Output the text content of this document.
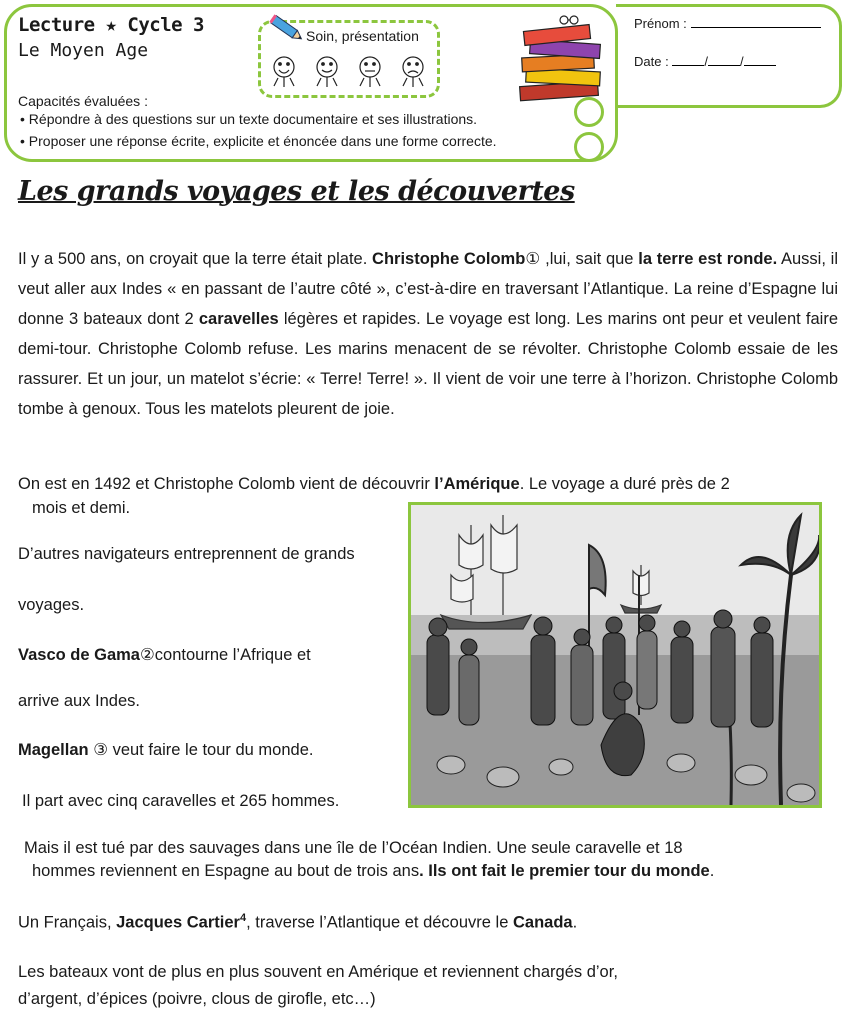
Lecture ★ Cycle 3
Le Moyen Age
Soin, présentation
Prénom :
Date :	/ /
Capacités évaluées :
• Répondre à des questions sur un texte documentaire et ses illustrations.
• Proposer une réponse écrite, explicite et énoncée dans une forme correcte.
Les grands voyages et les découvertes
Il y a 500 ans, on croyait que la terre était plate. Christophe Colomb① ,lui, sait que la terre est ronde. Aussi, il veut aller aux Indes « en passant de l’autre côté », c’est-à-dire en traversant l’Atlantique. La reine d’Espagne lui donne 3 bateaux dont 2 caravelles légères et rapides. Le voyage est long. Les marins ont peur et veulent faire demi-tour. Christophe Colomb refuse. Les marins menacent de se révolter. Christophe Colomb essaie de les rassurer. Et un jour, un matelot s’écrie: « Terre! Terre! ». Il vient de voir une terre à l’horizon. Christophe Colomb tombe à genoux. Tous les matelots pleurent de joie.
On est en 1492 et Christophe Colomb vient de découvrir l’Amérique. Le voyage a duré près de 2
mois et demi.
D’autres navigateurs entreprennent de grands
voyages.
Vasco de Gama②contourne l’Afrique et
arrive aux Indes.
Magellan ③ veut faire le tour du monde.
Il part avec cinq caravelles et 265 hommes.
Mais il est tué par des sauvages dans une île de l’Océan Indien. Une seule caravelle et 18
hommes reviennent en Espagne au bout de trois ans. Ils ont fait le premier tour du monde.
Un Français, Jacques Cartier$^4$, traverse l’Atlantique et découvre le Canada.
Les bateaux vont de plus en plus souvent en Amérique et reviennent chargés d’or,
d’argent, d’épices (poivre, clous de girofle, etc…)
